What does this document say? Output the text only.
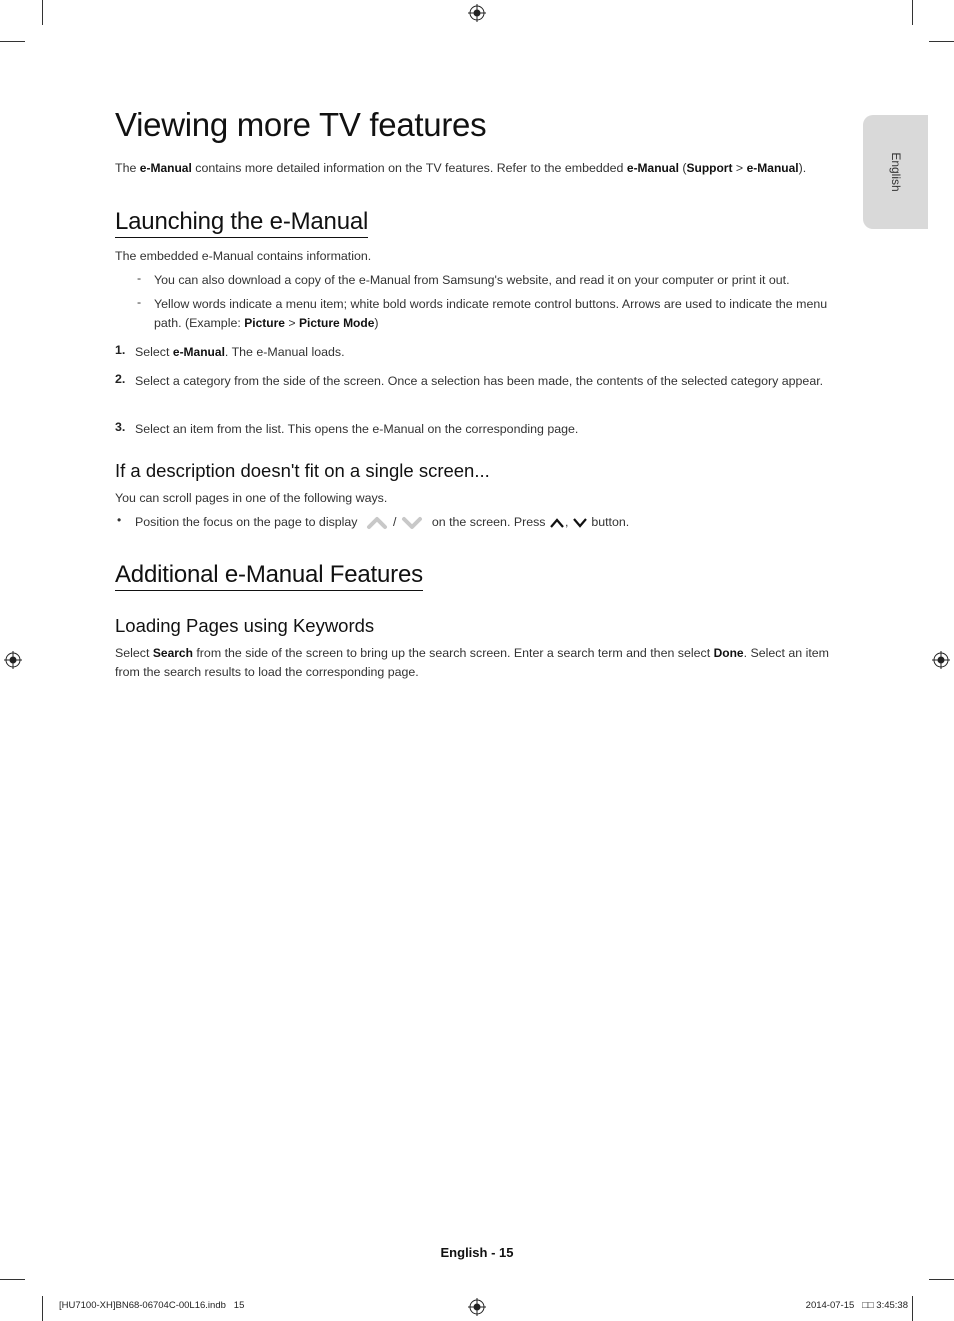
English
Viewing more TV features
The e-Manual contains more detailed information on the TV features. Refer to the embedded e-Manual (Support > e-Manual).
Launching the e-Manual
The embedded e-Manual contains information.
- You can also download a copy of the e-Manual from Samsung's website, and read it on your computer or print it out.
- Yellow words indicate a menu item; white bold words indicate remote control buttons. Arrows are used to indicate the menu path. (Example: Picture > Picture Mode)
1. Select e-Manual. The e-Manual loads.
2. Select a category from the side of the screen. Once a selection has been made, the contents of the selected category appear.
3. Select an item from the list. This opens the e-Manual on the corresponding page.
If a description doesn't fit on a single screen...
You can scroll pages in one of the following ways.
• Position the focus on the page to display	/	on the screen. Press , button.
Additional e-Manual Features
Loading Pages using Keywords
Select Search from the side of the screen to bring up the search screen. Enter a search term and then select Done. Select an item from the search results to load the corresponding page.
English - 15
[HU7100-XH]BN68-06704C-00L16.indb   15	2014-07-15   □□ 3:45:38
